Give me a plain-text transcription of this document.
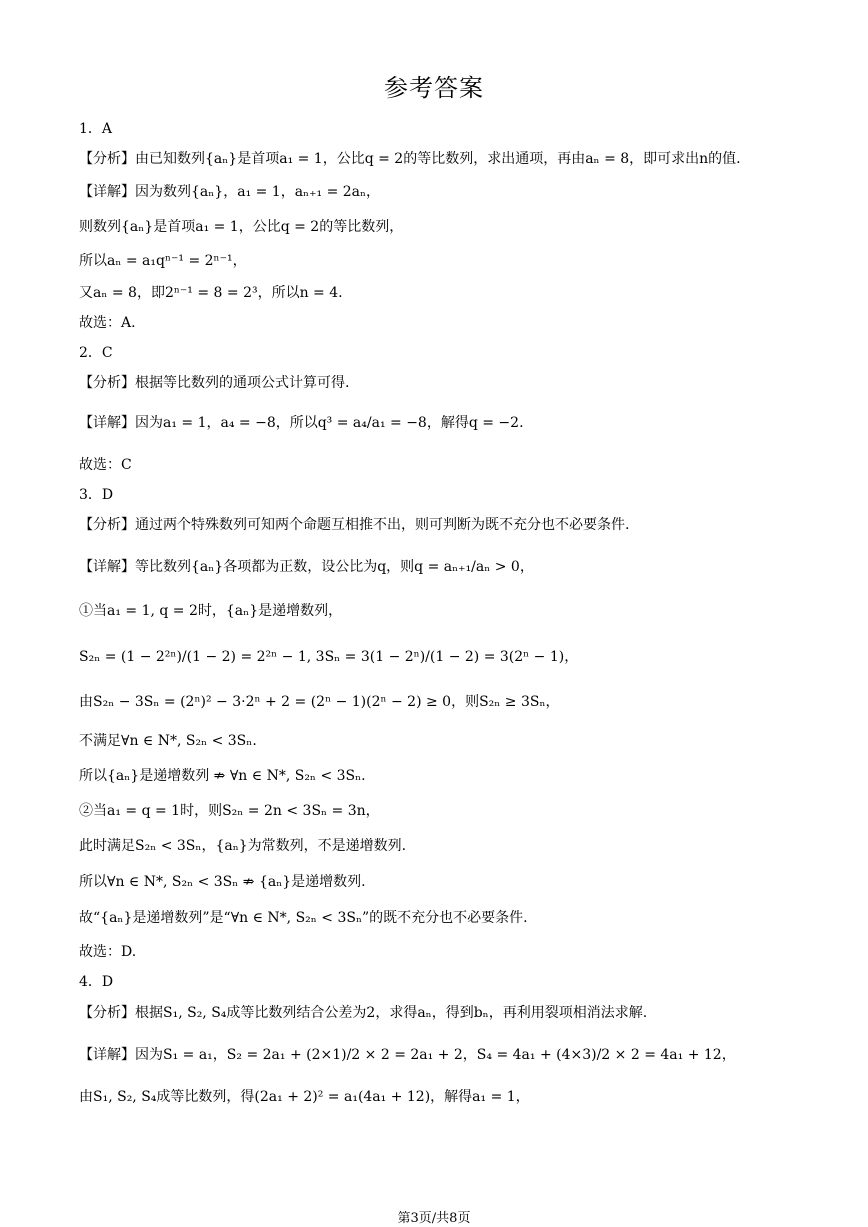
参考答案
1．A
【分析】由已知数列{aₙ}是首项a₁ = 1，公比q = 2的等比数列，求出通项，再由aₙ = 8，即可求出n的值.
【详解】因为数列{aₙ}，a₁ = 1，aₙ₊₁ = 2aₙ，
则数列{aₙ}是首项a₁ = 1，公比q = 2的等比数列，
所以aₙ = a₁qⁿ⁻¹ = 2ⁿ⁻¹，
又aₙ = 8，即2ⁿ⁻¹ = 8 = 2³，所以n = 4.
故选：A.
2．C
【分析】根据等比数列的通项公式计算可得.
【详解】因为a₁ = 1，a₄ = −8，所以q³ = a₄/a₁ = −8，解得q = −2.
故选：C
3．D
【分析】通过两个特殊数列可知两个命题互相推不出，则可判断为既不充分也不必要条件.
【详解】等比数列{aₙ}各项都为正数，设公比为q，则q = aₙ₊₁/aₙ > 0，
①当a₁ = 1, q = 2时，{aₙ}是递增数列，
S₂ₙ = (1 − 2²ⁿ)/(1 − 2) = 2²ⁿ − 1, 3Sₙ = 3(1 − 2ⁿ)/(1 − 2) = 3(2ⁿ − 1)，
由S₂ₙ − 3Sₙ = (2ⁿ)² − 3·2ⁿ + 2 = (2ⁿ − 1)(2ⁿ − 2) ≥ 0，则S₂ₙ ≥ 3Sₙ，
不满足∀n ∈ N*, S₂ₙ < 3Sₙ.
所以{aₙ}是递增数列 ⇏ ∀n ∈ N*, S₂ₙ < 3Sₙ.
②当a₁ = q = 1时，则S₂ₙ = 2n < 3Sₙ = 3n，
此时满足S₂ₙ < 3Sₙ，{aₙ}为常数列，不是递增数列.
所以∀n ∈ N*, S₂ₙ < 3Sₙ ⇏ {aₙ}是递增数列.
故“{aₙ}是递增数列”是“∀n ∈ N*, S₂ₙ < 3Sₙ”的既不充分也不必要条件.
故选：D.
4．D
【分析】根据S₁, S₂, S₄成等比数列结合公差为2，求得aₙ，得到bₙ，再利用裂项相消法求解.
【详解】因为S₁ = a₁，S₂ = 2a₁ + (2×1)/2 × 2 = 2a₁ + 2，S₄ = 4a₁ + (4×3)/2 × 2 = 4a₁ + 12，
由S₁, S₂, S₄成等比数列，得(2a₁ + 2)² = a₁(4a₁ + 12)，解得a₁ = 1，
第3页/共8页
